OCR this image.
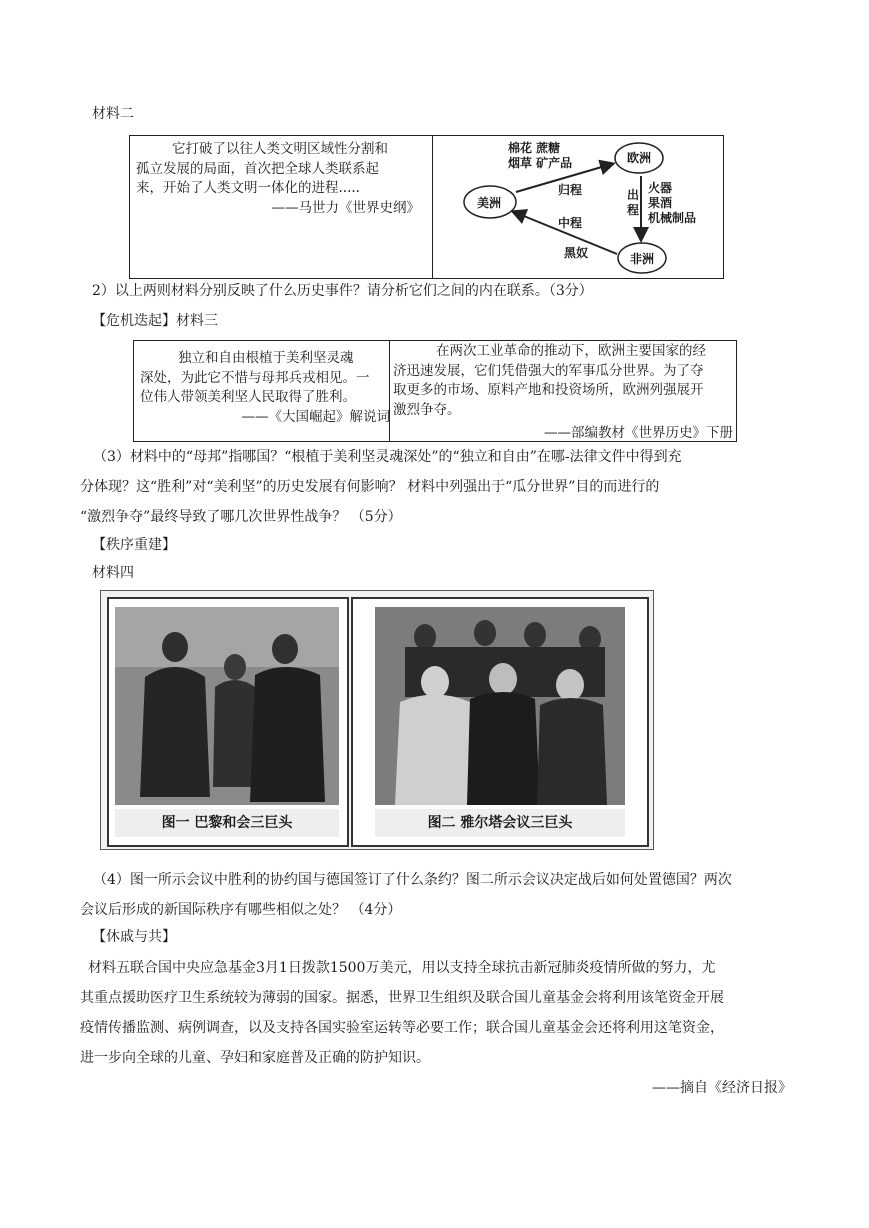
材料二
它打破了以往人类文明区域性分割和
孤立发展的局面，首次把全球人类联系起
来，开始了人类文明一体化的进程.....
——马世力《世界史纲》
欧洲
美洲
非洲
棉花 蔗糖
烟草 矿产品
归程	出
程
火器
果酒
机械制品
中程
黑奴
2）以上两则材料分别反映了什么历史事件？请分析它们之间的内在联系。（3分）
【危机迭起】材料三
独立和自由根植于美利坚灵魂
深处，为此它不惜与母邦兵戎相见。一
位伟人带领美利坚人民取得了胜利。
——《大国崛起》解说词
在两次工业革命的推动下，欧洲主要国家的经
济迅速发展，它们凭借强大的军事瓜分世界。为了夺
取更多的市场、原料产地和投资场所，欧洲列强展开
激烈争夺。
——部编教材《世界历史》下册
（3）材料中的“母邦”指哪国？“根植于美利坚灵魂深处”的“独立和自由”在哪-法律文件中得到充
分体现？这“胜利”对“美利坚”的历史发展有何影响？ 材料中列强出于“瓜分世界”目的而进行的
“激烈争夺”最终导致了哪几次世界性战争？ （5分）
【秩序重建】
材料四
图一 巴黎和会三巨头	图二 雅尔塔会议三巨头
（4）图一所示会议中胜利的协约国与德国签订了什么条约？图二所示会议决定战后如何处置德国？两次
会议后形成的新国际秩序有哪些相似之处？ （4分）
【休戚与共】
材料五联合国中央应急基金3月1日拨款1500万美元，用以支持全球抗击新冠肺炎疫情所做的努力，尤
其重点援助医疗卫生系统较为薄弱的国家。据悉，世界卫生组织及联合国儿童基金会将利用该笔资金开展
疫情传播监测、病例调查，以及支持各国实验室运转等必要工作；联合国儿童基金会还将利用这笔资金，
进一步向全球的儿童、孕妇和家庭普及正确的防护知识。
——摘自《经济日报》
